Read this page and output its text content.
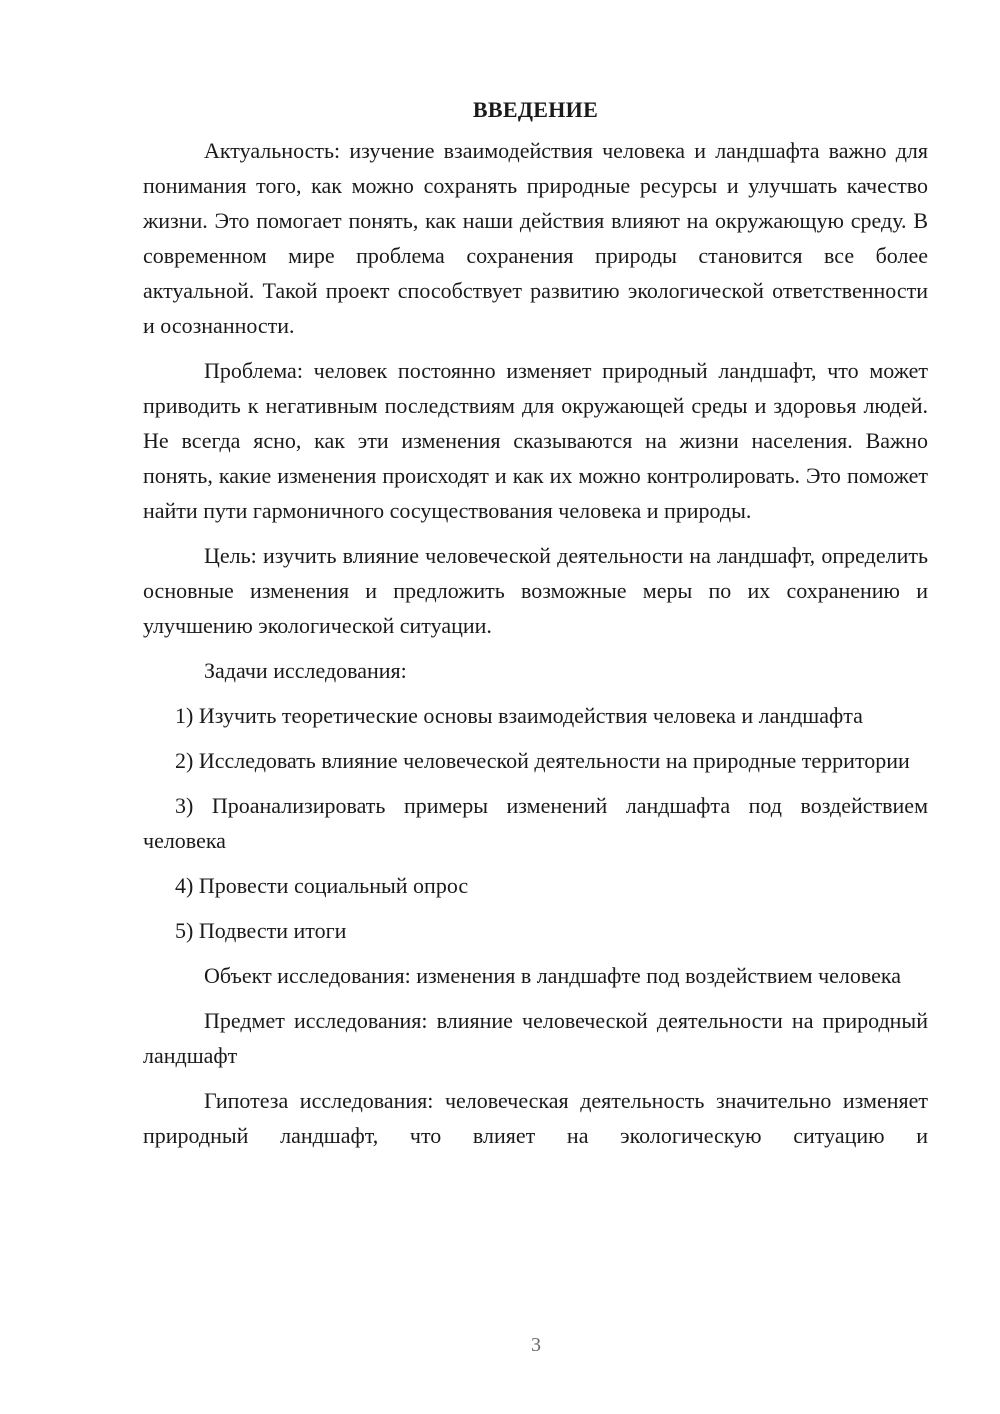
ВВЕДЕНИЕ

Актуальность: изучение взаимодействия человека и ландшафта важно для понимания того, как можно сохранять природные ресурсы и улучшать качество жизни. Это помогает понять, как наши действия влияют на окружающую среду. В современном мире проблема сохранения природы становится все более актуальной. Такой проект способствует развитию экологической ответственности и осознанности.

Проблема: человек постоянно изменяет природный ландшафт, что может приводить к негативным последствиям для окружающей среды и здоровья людей. Не всегда ясно, как эти изменения сказываются на жизни населения. Важно понять, какие изменения происходят и как их можно контролировать. Это поможет найти пути гармоничного сосуществования человека и природы.

Цель: изучить влияние человеческой деятельности на ландшафт, определить основные изменения и предложить возможные меры по их сохранению и улучшению экологической ситуации.

Задачи исследования:

1) Изучить теоретические основы взаимодействия человека и ландшафта

2) Исследовать влияние человеческой деятельности на природные территории

3) Проанализировать примеры изменений ландшафта под воздействием человека

4) Провести социальный опрос

5) Подвести итоги

Объект исследования: изменения в ландшафте под воздействием человека

Предмет исследования: влияние человеческой деятельности на природный ландшафт

Гипотеза исследования: человеческая деятельность значительно изменяет природный ландшафт, что влияет на экологическую ситуацию и

3
